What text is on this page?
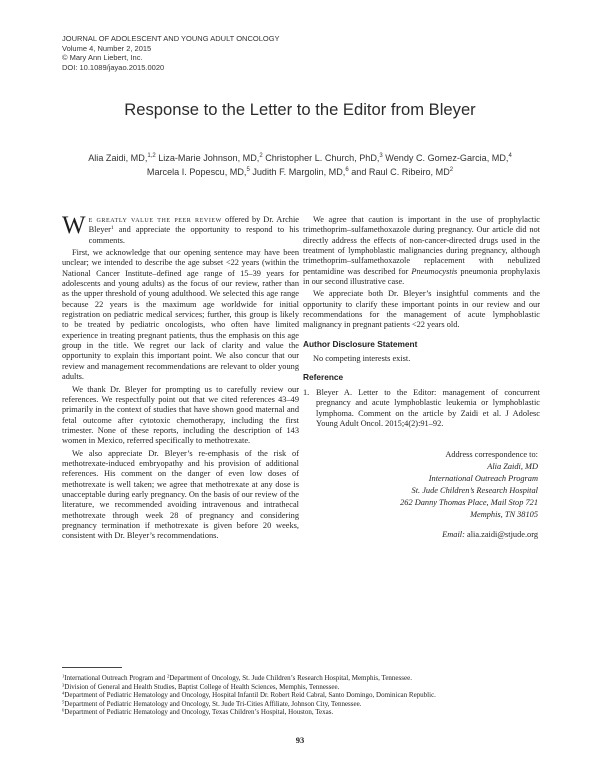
JOURNAL OF ADOLESCENT AND YOUNG ADULT ONCOLOGY
Volume 4, Number 2, 2015
© Mary Ann Liebert, Inc.
DOI: 10.1089/jayao.2015.0020
Response to the Letter to the Editor from Bleyer
Alia Zaidi, MD,$^{1,2}$ Liza-Marie Johnson, MD,$^2$ Christopher L. Church, PhD,$^3$ Wendy C. Gomez-Garcia, MD,$^4$
Marcela I. Popescu, MD,$^5$ Judith F. Margolin, MD,$^6$ and Raul C. Ribeiro, $MD^2$

We greatly value the peer review offered by Dr. Archie Bleyer$^1$ and appreciate the opportunity to respond to his comments.

First, we acknowledge that our opening sentence may have been unclear; we intended to describe the age subset <22 years (within the National Cancer Institute–defined age range of 15–39 years for adolescents and young adults) as the focus of our review, rather than as the upper threshold of young adulthood. We selected this age range because 22 years is the maximum age worldwide for initial registration on pediatric medical services; further, this group is likely to be treated by pediatric oncologists, who often have limited experience in treating pregnant patients, thus the emphasis on this age group in the title. We regret our lack of clarity and value the opportunity to explain this important point. We also concur that our review and management recommendations are relevant to older young adults.

We thank Dr. Bleyer for prompting us to carefully review our references. We respectfully point out that we cited references 43–49 primarily in the context of studies that have shown good maternal and fetal outcome after cytotoxic chemotherapy, including the first trimester. None of these reports, including the description of 143 women in Mexico, referred specifically to methotrexate.

We also appreciate Dr. Bleyer’s re-emphasis of the risk of methotrexate-induced embryopathy and his provision of additional references. His comment on the danger of even low doses of methotrexate is well taken; we agree that methotrexate at any dose is unacceptable during early pregnancy. On the basis of our review of the literature, we recommended avoiding intravenous and intrathecal methotrexate through week 28 of pregnancy and considering pregnancy termination if methotrexate is given before 20 weeks, consistent with Dr. Bleyer’s recommendations.

We agree that caution is important in the use of prophylactic trimethoprim–sulfamethoxazole during pregnancy. Our article did not directly address the effects of non-cancer-directed drugs used in the treatment of lymphoblastic malignancies during pregnancy, although trimethoprim–sulfamethoxazole replacement with nebulized pentamidine was described for Pneumocystis pneumonia prophylaxis in our second illustrative case.

We appreciate both Dr. Bleyer’s insightful comments and the opportunity to clarify these important points in our review and our recommendations for the management of acute lymphoblastic malignancy in pregnant patients <22 years old.

Author Disclosure Statement

No competing interests exist.

Reference
1. Bleyer A. Letter to the Editor: management of concurrent pregnancy and acute lymphoblastic leukemia or lymphoblastic lymphoma. Comment on the article by Zaidi et al. J Adolesc Young Adult Oncol. 2015;4(2):91–92.
Address correspondence to:
Alia Zaidi, MD
International Outreach Program
St. Jude Children’s Research Hospital
262 Danny Thomas Place, Mail Stop 721
Memphis, TN 38105
Email: alia.zaidi@stjude.org
$^1$International Outreach Program and $^2$Department of Oncology, St. Jude Children’s Research Hospital, Memphis, Tennessee.
$^3$Division of General and Health Studies, Baptist College of Health Sciences, Memphis, Tennessee.
$^4$Department of Pediatric Hematology and Oncology, Hospital Infantil Dr. Robert Reid Cabral, Santo Domingo, Dominican Republic.
$^5$Department of Pediatric Hematology and Oncology, St. Jude Tri-Cities Affiliate, Johnson City, Tennessee.
$^6$Department of Pediatric Hematology and Oncology, Texas Children’s Hospital, Houston, Texas.
93
